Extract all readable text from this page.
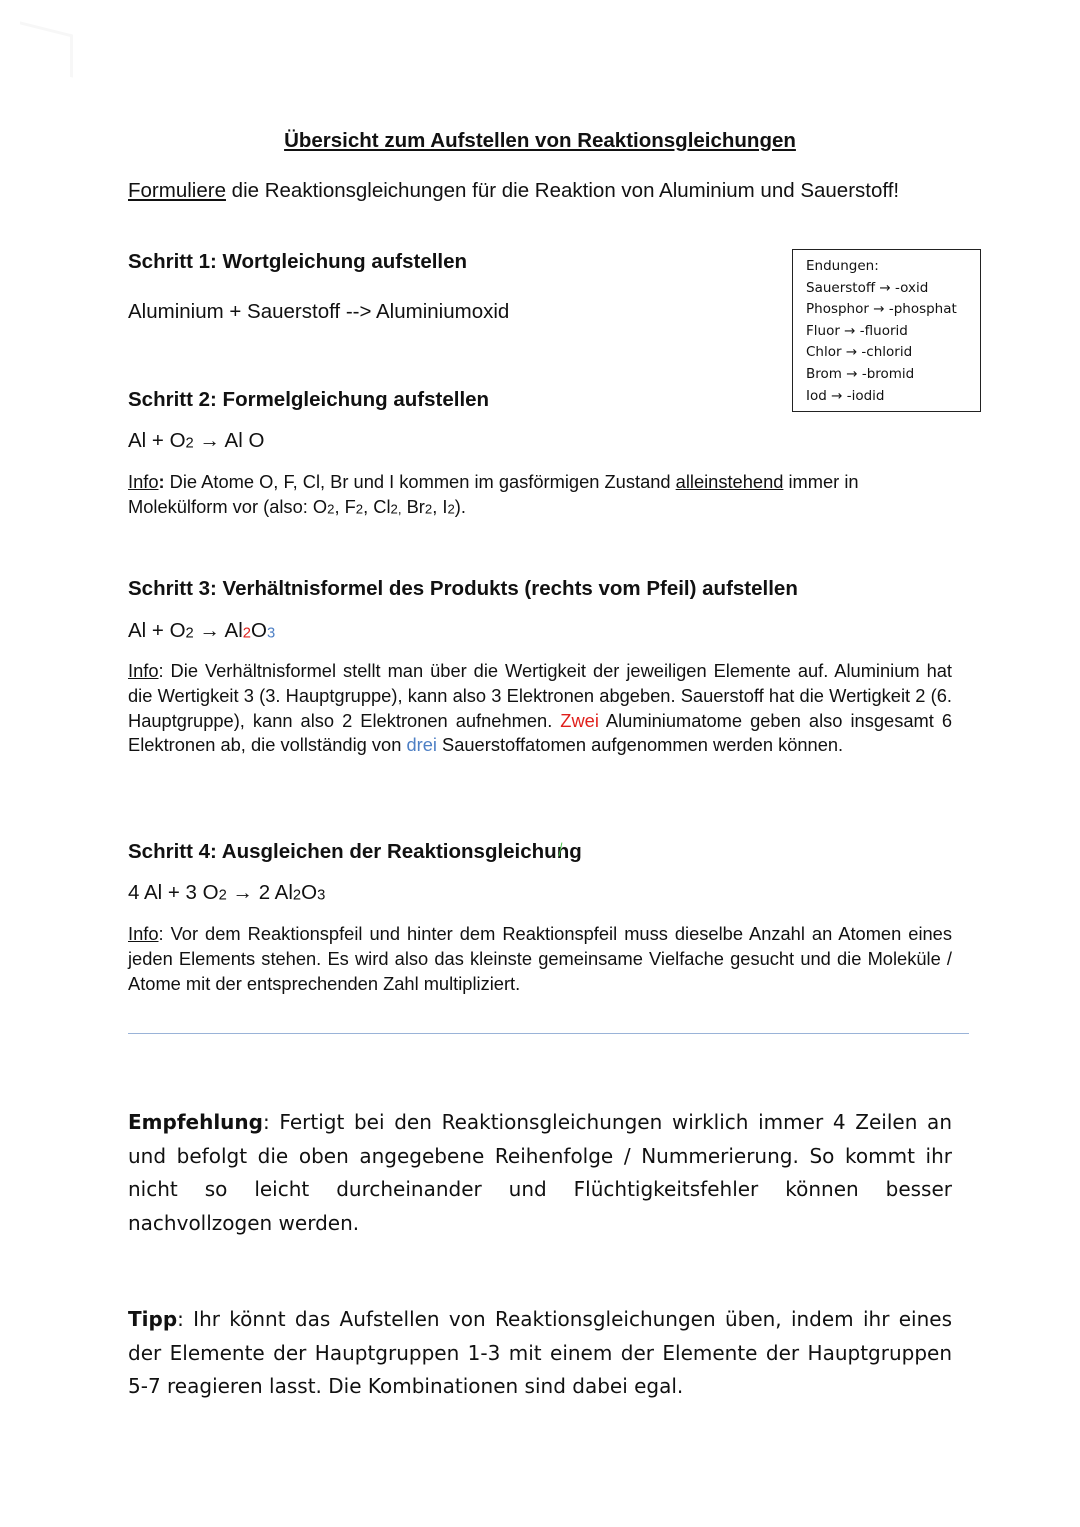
Übersicht zum Aufstellen von Reaktionsgleichungen
Formuliere die Reaktionsgleichungen für die Reaktion von Aluminium und Sauerstoff!
Endungen:
Sauerstoff → -oxid
Phosphor → -phosphat
Fluor → -fluorid
Chlor → -chlorid
Brom → -bromid
Iod → -iodid
Schritt 1: Wortgleichung aufstellen
Aluminium + Sauerstoff --> Aluminiumoxid
Schritt 2: Formelgleichung aufstellen
$Al + O_2 \to Al$ O
Info: Die Atome O, F, Cl, Br und I kommen im gasförmigen Zustand alleinstehend immer in Molekülform vor (also: $O_2$, $F_2$, $Cl_{2,}$ $Br_2$, $I_2$).
Schritt 3: Verhältnisformel des Produkts (rechts vom Pfeil) aufstellen
$Al + O_2 \to Al_2O_3$
Info: Die Verhältnisformel stellt man über die Wertigkeit der jeweiligen Elemente auf. Aluminium hat die Wertigkeit 3 (3. Hauptgruppe), kann also 3 Elektronen abgeben. Sauerstoff hat die Wertigkeit 2 (6. Hauptgruppe), kann also 2 Elektronen aufnehmen. Zwei Aluminiumatome geben also insgesamt 6 Elektronen ab, die vollständig von drei Sauerstoffatomen aufgenommen werden können.
Schritt 4: Ausgleichen der Reaktionsgleichung
4 Al + 3 $O_2 \to 2$ $Al_2O_3$
Info: Vor dem Reaktionspfeil und hinter dem Reaktionspfeil muss dieselbe Anzahl an Atomen eines jeden Elements stehen. Es wird also das kleinste gemeinsame Vielfache gesucht und die Moleküle / Atome mit der entsprechenden Zahl multipliziert.
Empfehlung: Fertigt bei den Reaktionsgleichungen wirklich immer 4 Zeilen an und befolgt die oben angegebene Reihenfolge / Nummerierung. So kommt ihr nicht so leicht durcheinander und Flüchtigkeitsfehler können besser nachvollzogen werden.
Tipp: Ihr könnt das Aufstellen von Reaktionsgleichungen üben, indem ihr eines der Elemente der Hauptgruppen 1-3 mit einem der Elemente der Hauptgruppen 5-7 reagieren lasst. Die Kombinationen sind dabei egal.
